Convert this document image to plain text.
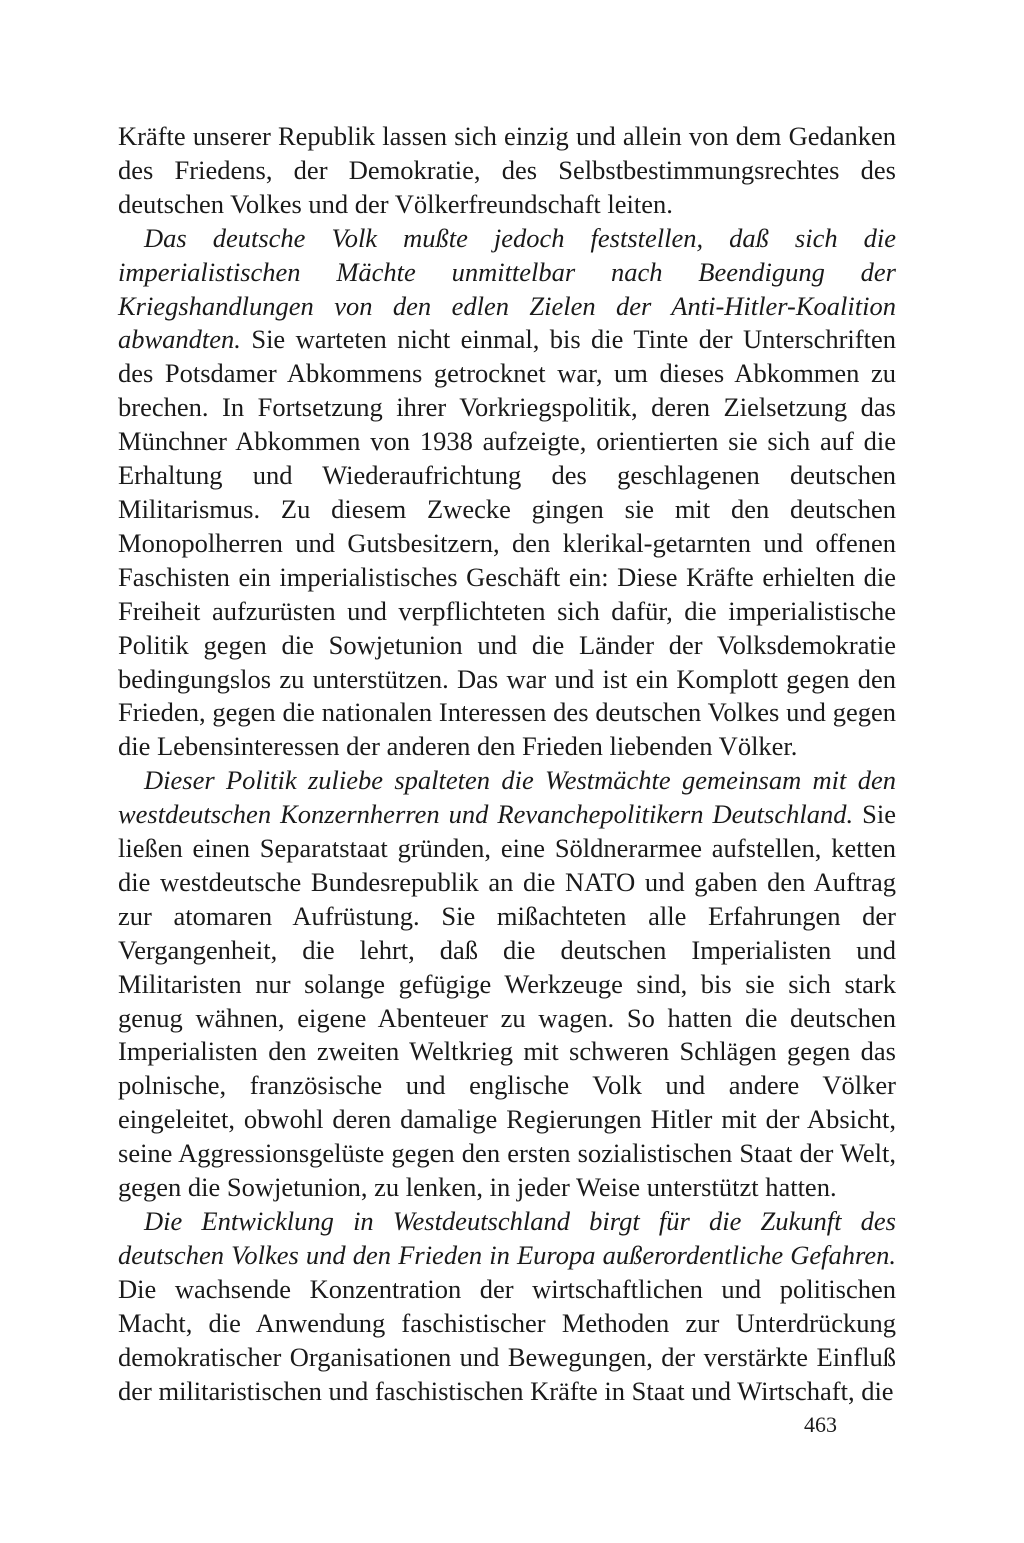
Kräfte unserer Republik lassen sich einzig und allein von dem Gedanken des Friedens, der Demokratie, des Selbstbestimmungsrechtes des deutschen Volkes und der Völkerfreundschaft leiten.

Das deutsche Volk mußte jedoch feststellen, daß sich die imperialistischen Mächte unmittelbar nach Beendigung der Kriegshandlungen von den edlen Zielen der Anti-Hitler-Koalition abwandten. Sie warteten nicht einmal, bis die Tinte der Unterschriften des Potsdamer Abkommens getrocknet war, um dieses Abkommen zu brechen. In Fortsetzung ihrer Vorkriegspolitik, deren Zielsetzung das Münchner Abkommen von 1938 aufzeigte, orientierten sie sich auf die Erhaltung und Wiederaufrichtung des geschlagenen deutschen Militarismus. Zu diesem Zwecke gingen sie mit den deutschen Monopolherren und Gutsbesitzern, den klerikal-getarnten und offenen Faschisten ein imperialistisches Geschäft ein: Diese Kräfte erhielten die Freiheit aufzurüsten und verpflichteten sich dafür, die imperialistische Politik gegen die Sowjetunion und die Länder der Volksdemokratie bedingungslos zu unterstützen. Das war und ist ein Komplott gegen den Frieden, gegen die nationalen Interessen des deutschen Volkes und gegen die Lebensinteressen der anderen den Frieden liebenden Völker.

Dieser Politik zuliebe spalteten die Westmächte gemeinsam mit den westdeutschen Konzernherren und Revanchepolitikern Deutschland. Sie ließen einen Separatstaat gründen, eine Söldnerarmee aufstellen, ketten die westdeutsche Bundesrepublik an die NATO und gaben den Auftrag zur atomaren Aufrüstung. Sie mißachteten alle Erfahrungen der Vergangenheit, die lehrt, daß die deutschen Imperialisten und Militaristen nur solange gefügige Werkzeuge sind, bis sie sich stark genug wähnen, eigene Abenteuer zu wagen. So hatten die deutschen Imperialisten den zweiten Weltkrieg mit schweren Schlägen gegen das polnische, französische und englische Volk und andere Völker eingeleitet, obwohl deren damalige Regierungen Hitler mit der Absicht, seine Aggressionsgelüste gegen den ersten sozialistischen Staat der Welt, gegen die Sowjetunion, zu lenken, in jeder Weise unterstützt hatten.

Die Entwicklung in Westdeutschland birgt für die Zukunft des deutschen Volkes und den Frieden in Europa außerordentliche Gefahren. Die wachsende Konzentration der wirtschaftlichen und politischen Macht, die Anwendung faschistischer Methoden zur Unterdrückung demokratischer Organisationen und Bewegungen, der verstärkte Einfluß der militaristischen und faschistischen Kräfte in Staat und Wirtschaft, die

463
